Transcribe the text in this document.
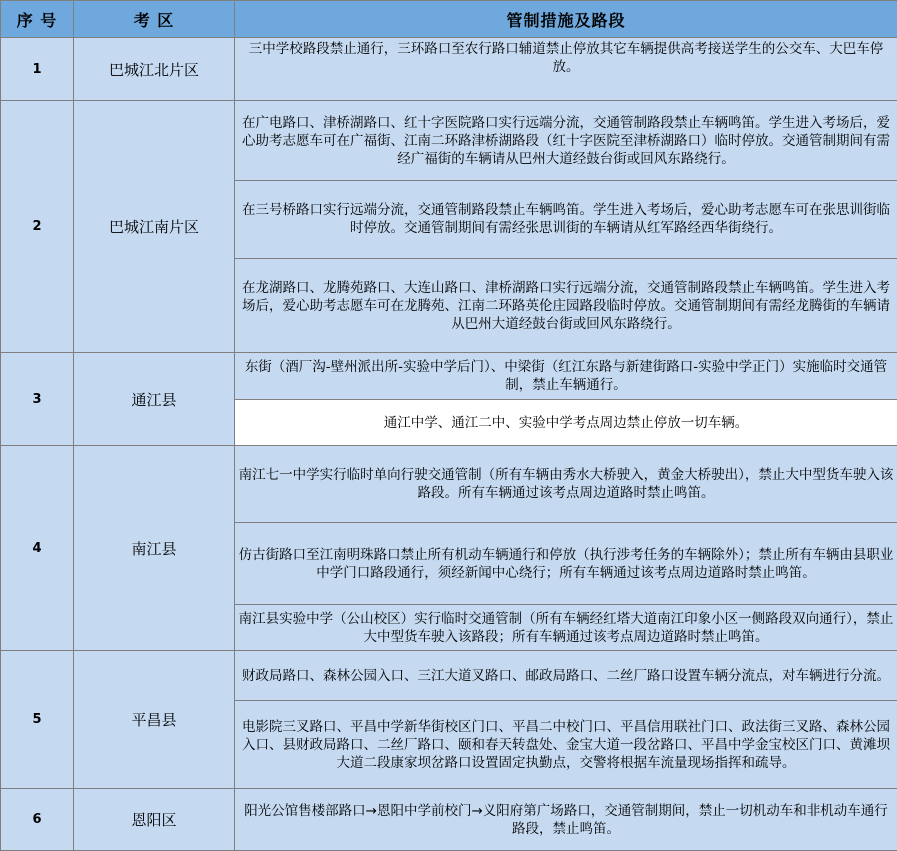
序 号	考 区	管制措施及路段
1	巴城江北片区	三中学校路段禁止通行，三环路口至农行路口辅道禁止停放其它车辆提供高考接送学生的公交车、大巴车停放。
2	巴城江南片区	在广电路口、津桥湖路口、红十字医院路口实行远端分流，交通管制路段禁止车辆鸣笛。学生进入考场后，爱心助考志愿车可在广福街、江南二环路津桥湖路段（红十字医院至津桥湖路口）临时停放。交通管制期间有需经广福街的车辆请从巴州大道经鼓台街或回风东路绕行。
		在三号桥路口实行远端分流，交通管制路段禁止车辆鸣笛。学生进入考场后，爱心助考志愿车可在张思训街临时停放。交通管制期间有需经张思训街的车辆请从红军路经西华街绕行。
		在龙湖路口、龙腾苑路口、大连山路口、津桥湖路口实行远端分流，交通管制路段禁止车辆鸣笛。学生进入考场后，爱心助考志愿车可在龙腾苑、江南二环路英伦庄园路段临时停放。交通管制期间有需经龙腾街的车辆请从巴州大道经鼓台街或回风东路绕行。
3	通江县	东街（酒厂沟-壁州派出所-实验中学后门）、中梁街（红江东路与新建街路口-实验中学正门）实施临时交通管制，禁止车辆通行。
		通江中学、通江二中、实验中学考点周边禁止停放一切车辆。
4	南江县	南江七一中学实行临时单向行驶交通管制（所有车辆由秀水大桥驶入，黄金大桥驶出），禁止大中型货车驶入该路段。所有车辆通过该考点周边道路时禁止鸣笛。
		仿古街路口至江南明珠路口禁止所有机动车辆通行和停放（执行涉考任务的车辆除外）；禁止所有车辆由县职业中学门口路段通行，须经新闻中心绕行；所有车辆通过该考点周边道路时禁止鸣笛。
		南江县实验中学（公山校区）实行临时交通管制（所有车辆经红塔大道南江印象小区一侧路段双向通行），禁止大中型货车驶入该路段；所有车辆通过该考点周边道路时禁止鸣笛。
5	平昌县	财政局路口、森林公园入口、三江大道叉路口、邮政局路口、二丝厂路口设置车辆分流点，对车辆进行分流。
		电影院三叉路口、平昌中学新华街校区门口、平昌二中校门口、平昌信用联社门口、政法街三叉路、森林公园入口、县财政局路口、二丝厂路口、颐和春天转盘处、金宝大道一段岔路口、平昌中学金宝校区门口、黄滩坝大道二段康家坝岔路口设置固定执勤点，交警将根据车流量现场指挥和疏导。
6	恩阳区	阳光公馆售楼部路口→恩阳中学前校门→义阳府第广场路口，交通管制期间，禁止一切机动车和非机动车通行路段，禁止鸣笛。
